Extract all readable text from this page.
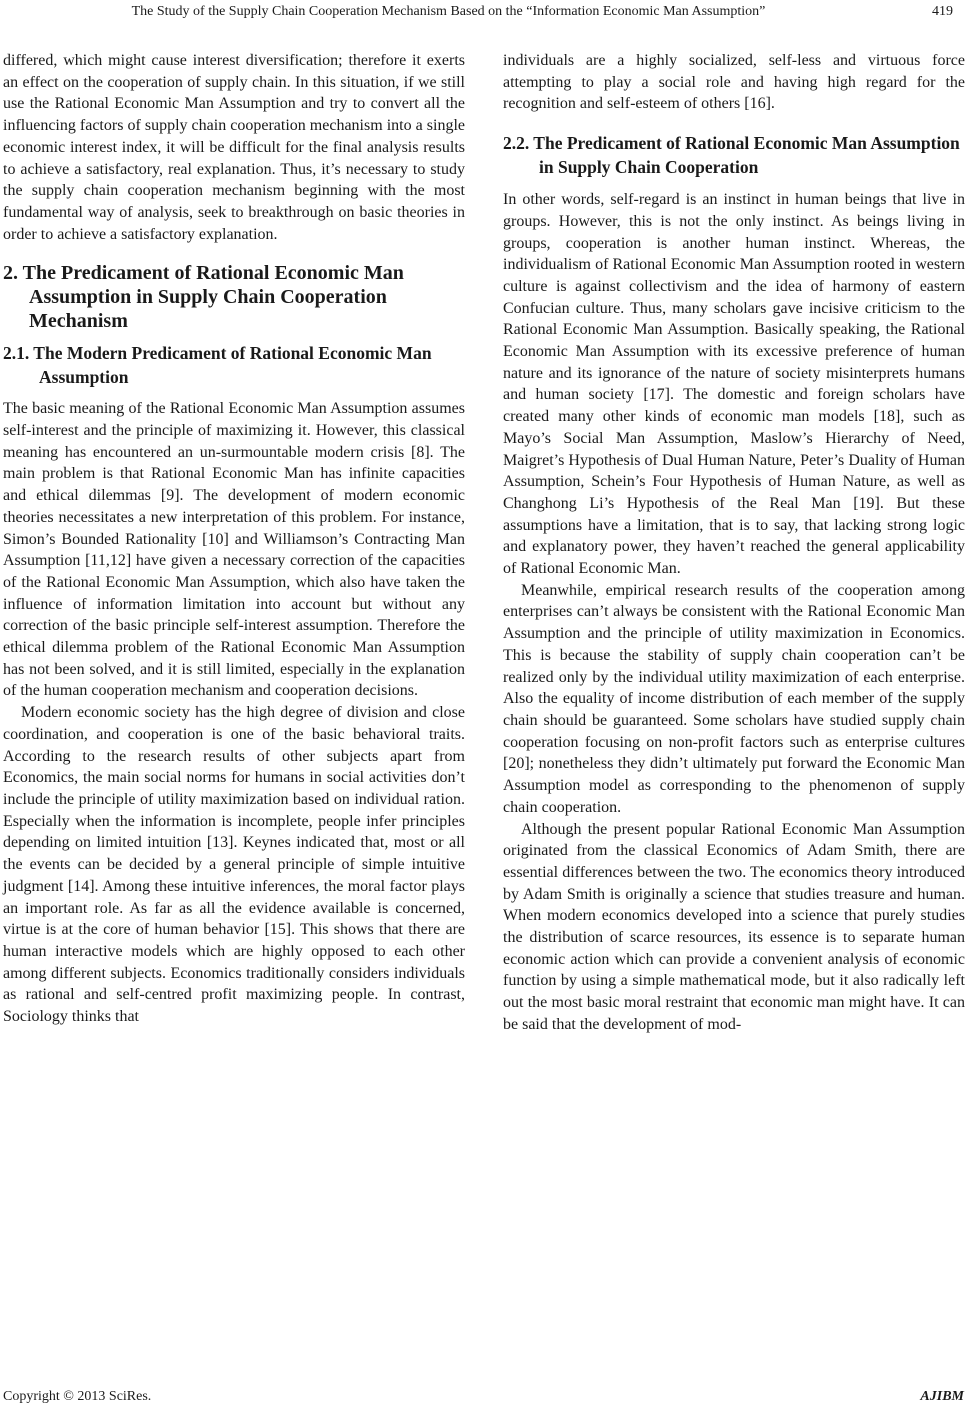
The Study of the Supply Chain Cooperation Mechanism Based on the “Information Economic Man Assumption”	419

differed, which might cause interest diversification; therefore it exerts an effect on the cooperation of supply chain. In this situation, if we still use the Rational Economic Man Assumption and try to convert all the influencing factors of supply chain cooperation mechanism into a single economic interest index, it will be difficult for the final analysis results to achieve a satisfactory, real explanation. Thus, it’s necessary to study the supply chain cooperation mechanism beginning with the most fundamental way of analysis, seek to breakthrough on basic theories in order to achieve a satisfactory explanation.

2. The Predicament of Rational Economic Man Assumption in Supply Chain Cooperation Mechanism
2.1. The Modern Predicament of Rational Economic Man Assumption

The basic meaning of the Rational Economic Man Assumption assumes self-interest and the principle of maximizing it. However, this classical meaning has encountered an un-surmountable modern crisis [8]. The main problem is that Rational Economic Man has infinite capacities and ethical dilemmas [9]. The development of modern economic theories necessitates a new interpretation of this problem. For instance, Simon’s Bounded Rationality [10] and Williamson’s Contracting Man Assumption [11,12] have given a necessary correction of the capacities of the Rational Economic Man Assumption, which also have taken the influence of information limitation into account but without any correction of the basic principle self-interest assumption. Therefore the ethical dilemma problem of the Rational Economic Man Assumption has not been solved, and it is still limited, especially in the explanation of the human cooperation mechanism and cooperation decisions.

Modern economic society has the high degree of division and close coordination, and cooperation is one of the basic behavioral traits. According to the research results of other subjects apart from Economics, the main social norms for humans in social activities don’t include the principle of utility maximization based on individual ration. Especially when the information is incomplete, people infer principles depending on limited intuition [13]. Keynes indicated that, most or all the events can be decided by a general principle of simple intuitive judgment [14]. Among these intuitive inferences, the moral factor plays an important role. As far as all the evidence available is concerned, virtue is at the core of human behavior [15]. This shows that there are human interactive models which are highly opposed to each other among different subjects. Economics traditionally considers individuals as rational and self-centred profit maximizing people. In contrast, Sociology thinks that

individuals are a highly socialized, self-less and virtuous force attempting to play a social role and having high regard for the recognition and self-esteem of others [16].

2.2. The Predicament of Rational Economic Man Assumption in Supply Chain Cooperation

In other words, self-regard is an instinct in human beings that live in groups. However, this is not the only instinct. As beings living in groups, cooperation is another human instinct. Whereas, the individualism of Rational Economic Man Assumption rooted in western culture is against collectivism and the idea of harmony of eastern Confucian culture. Thus, many scholars gave incisive criticism to the Rational Economic Man Assumption. Basically speaking, the Rational Economic Man Assumption with its excessive preference of human nature and its ignorance of the nature of society misinterprets humans and human society [17]. The domestic and foreign scholars have created many other kinds of economic man models [18], such as Mayo’s Social Man Assumption, Maslow’s Hierarchy of Need, Maigret’s Hypothesis of Dual Human Nature, Peter’s Duality of Human Assumption, Schein’s Four Hypothesis of Human Nature, as well as Changhong Li’s Hypothesis of the Real Man [19]. But these assumptions have a limitation, that is to say, that lacking strong logic and explanatory power, they haven’t reached the general applicability of Rational Economic Man.

Meanwhile, empirical research results of the cooperation among enterprises can’t always be consistent with the Rational Economic Man Assumption and the principle of utility maximization in Economics. This is because the stability of supply chain cooperation can’t be realized only by the individual utility maximization of each enterprise. Also the equality of income distribution of each member of the supply chain should be guaranteed. Some scholars have studied supply chain cooperation focusing on non-profit factors such as enterprise cultures [20]; nonetheless they didn’t ultimately put forward the Economic Man Assumption model as corresponding to the phenomenon of supply chain cooperation.

Although the present popular Rational Economic Man Assumption originated from the classical Economics of Adam Smith, there are essential differences between the two. The economics theory introduced by Adam Smith is originally a science that studies treasure and human. When modern economics developed into a science that purely studies the distribution of scarce resources, its essence is to separate human economic action which can provide a convenient analysis of economic function by using a simple mathematical mode, but it also radically left out the most basic moral restraint that economic man might have. It can be said that the development of mod-

Copyright © 2013 SciRes.	AJIBM
